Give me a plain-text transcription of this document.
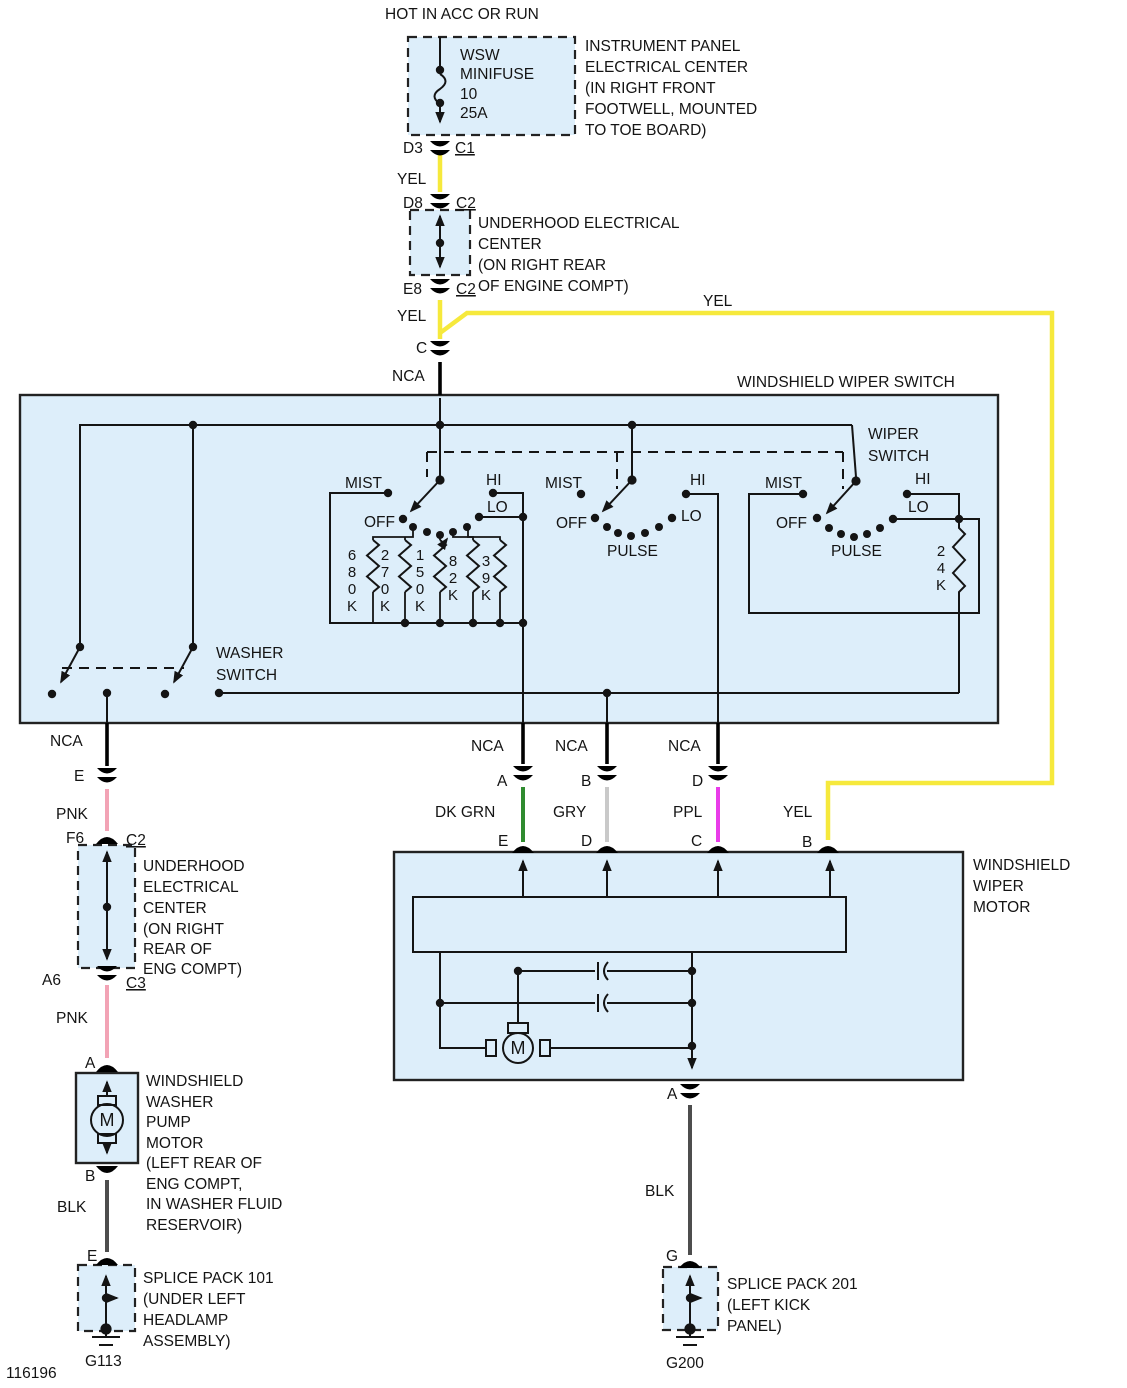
HOT IN ACC OR RUN
INSTRUMENT PANEL
ELECTRICAL CENTER
(IN RIGHT FRONT
FOOTWELL, MOUNTED
TO TOE BOARD)
WSW
MINIFUSE
10
25A
D3 C1
YEL
D8 C2
UNDERHOOD ELECTRICAL
CENTER
(ON RIGHT REAR
OF ENGINE COMPT)
E8 C2
YEL
YEL
C
NCA	WINDSHIELD WIPER SWITCH
WIPER
SWITCH
MIST
OFF
HI
LO
6
8
0
K
2
7
0
K
1
5
0
K
8
2
K
3
9
K
MIST
OFF
PULSE
LO
HI	MIST
OFF
PULSE
LO
HI
2
4
K
WASHER
SWITCH
NCA
E
PNK
F6	C2
UNDERHOOD
ELECTRICAL
CENTER
(ON RIGHT
REAR OF
ENG COMPT)
A6	C3
PNK
A
WINDSHIELD
WASHER
PUMP
MOTOR
(LEFT REAR OF
ENG COMPT,
IN WASHER FLUID
RESERVOIR)
B
BLK
E
SPLICE PACK 101
(UNDER LEFT
HEADLAMP
ASSEMBLY)
G113
116196
NCA	NCA	NCA
A	B	D
DK GRN	GRY	PPL
E	D	C
YEL
B
WINDSHIELD
WIPER
MOTOR
A
BLK
G
SPLICE PACK 201
(LEFT KICK
PANEL)
G200
M
M
